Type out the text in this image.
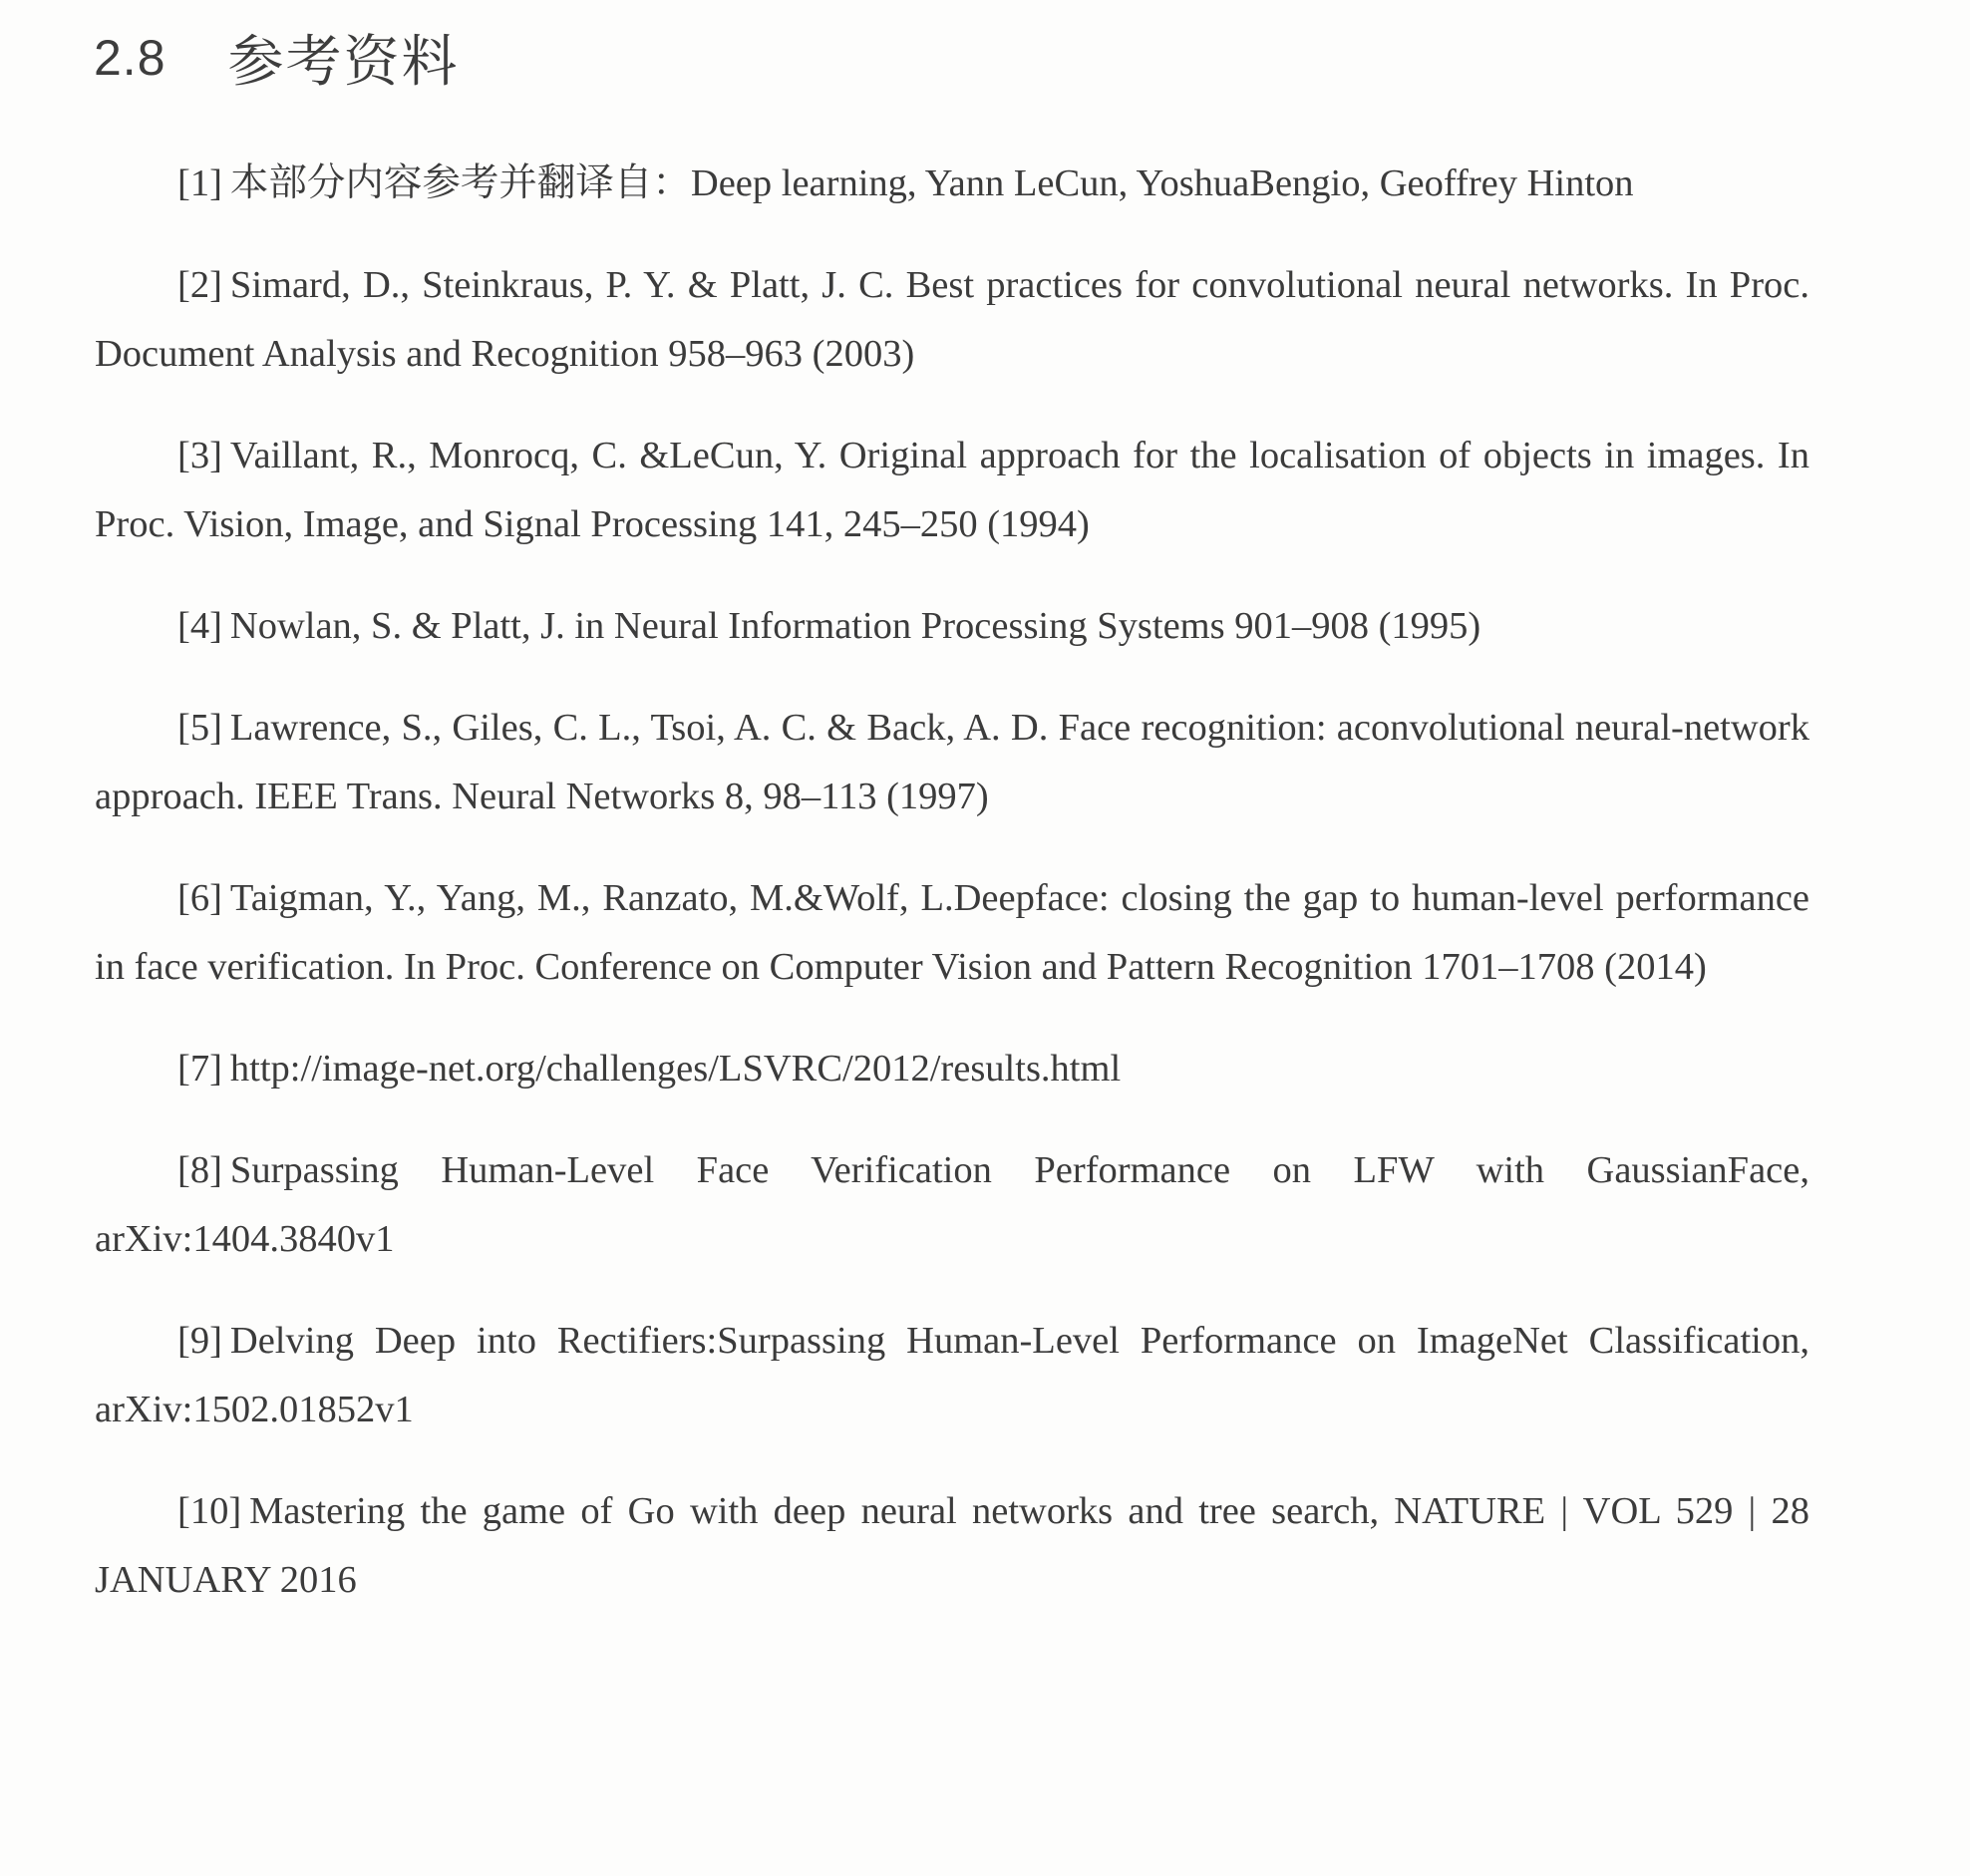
2.8 参考资料

[1] 本部分内容参考并翻译自：Deep learning, Yann LeCun, YoshuaBengio, Geoffrey Hinton

[2] Simard, D., Steinkraus, P. Y. & Platt, J. C. Best practices for convolutional neural networks. In Proc. Document Analysis and Recognition 958–963 (2003)

[3] Vaillant, R., Monrocq, C. &LeCun, Y. Original approach for the localisation of objects in images. In Proc. Vision, Image, and Signal Processing 141, 245–250 (1994)

[4] Nowlan, S. & Platt, J. in Neural Information Processing Systems 901–908 (1995)

[5] Lawrence, S., Giles, C. L., Tsoi, A. C. & Back, A. D. Face recognition: aconvolutional neural-network approach. IEEE Trans. Neural Networks 8, 98–113 (1997)

[6] Taigman, Y., Yang, M., Ranzato, M.&Wolf, L.Deepface: closing the gap to human-level performance in face verification. In Proc. Conference on Computer Vision and Pattern Recognition 1701–1708 (2014)

[7] http://image-net.org/challenges/LSVRC/2012/results.html

[8] Surpassing Human-Level Face Verification Performance on LFW with GaussianFace, arXiv:1404.3840v1

[9] Delving Deep into Rectifiers:Surpassing Human-Level Performance on ImageNet Classification, arXiv:1502.01852v1

[10] Mastering the game of Go with deep neural networks and tree search, NATURE | VOL 529 | 28 JANUARY 2016
